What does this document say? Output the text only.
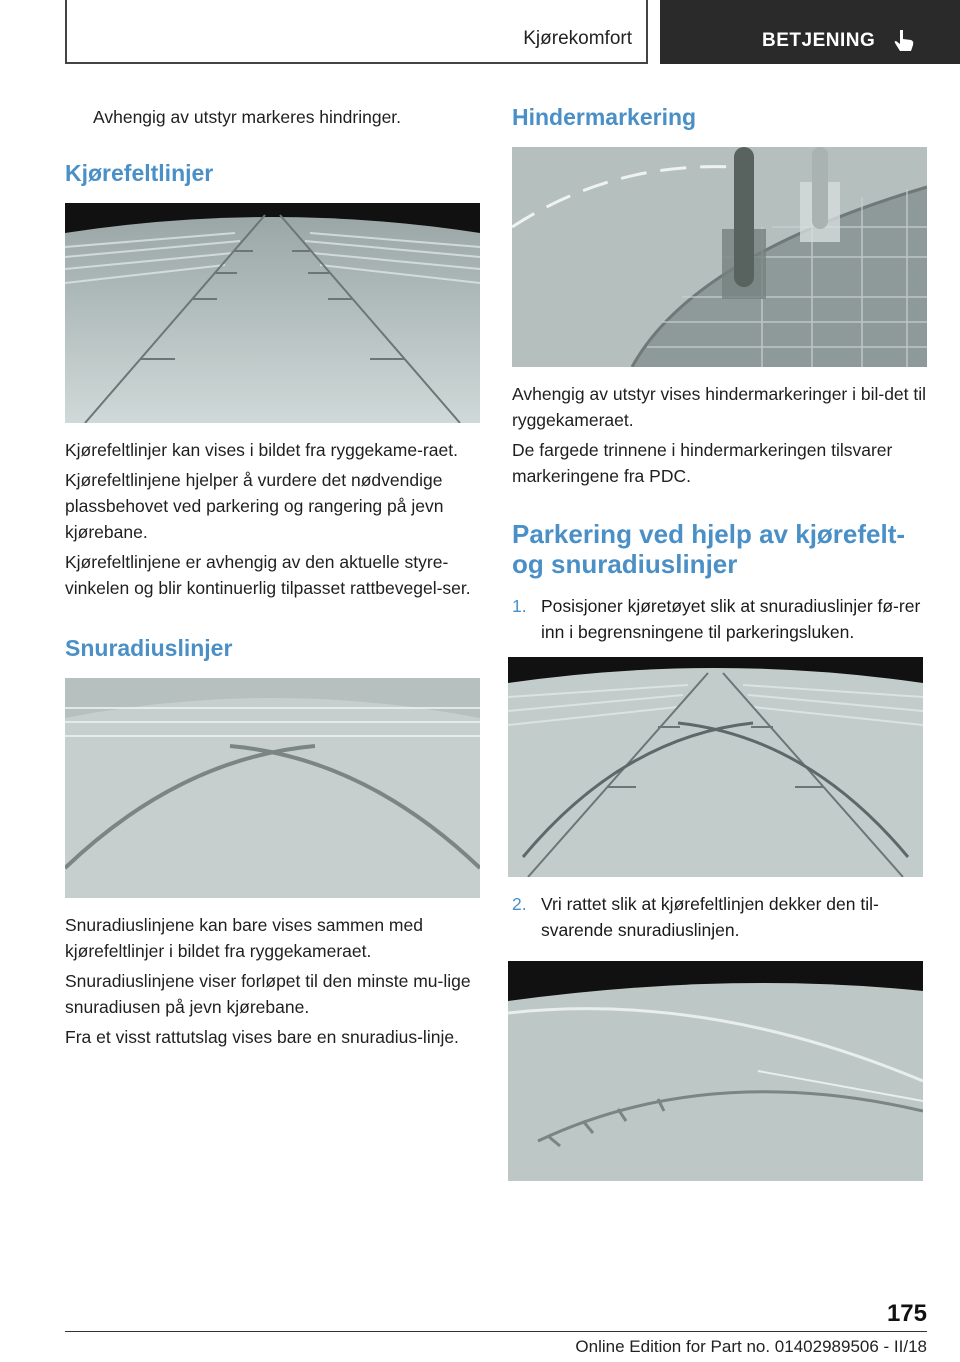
Kjørekomfort	BETJENING

Avhengig av utstyr markeres hindringer.

Kjørefeltlinjer

Kjørefeltlinjer kan vises i bildet fra ryggekame-raet.

Kjørefeltlinjene hjelper å vurdere det nødvendige plassbehovet ved parkering og rangering på jevn kjørebane.

Kjørefeltlinjene er avhengig av den aktuelle styre-vinkelen og blir kontinuerlig tilpasset rattbevegel-ser.

Snuradiuslinjer

Snuradiuslinjene kan bare vises sammen med kjørefeltlinjer i bildet fra ryggekameraet.

Snuradiuslinjene viser forløpet til den minste mu-lige snuradiusen på jevn kjørebane.

Fra et visst rattutslag vises bare en snuradius-linje.

Hindermarkering

Avhengig av utstyr vises hindermarkeringer i bil-det til ryggekameraet.

De fargede trinnene i hindermarkeringen tilsvarer markeringene fra PDC.

Parkering ved hjelp av kjørefelt- og snuradiuslinjer
1. Posisjoner kjøretøyet slik at snuradiuslinjer fø-rer inn i begrensningene til parkeringsluken.
2. Vri rattet slik at kjørefeltlinjen dekker den til-svarende snuradiuslinjen.
175
Online Edition for Part no. 01402989506 - II/18
